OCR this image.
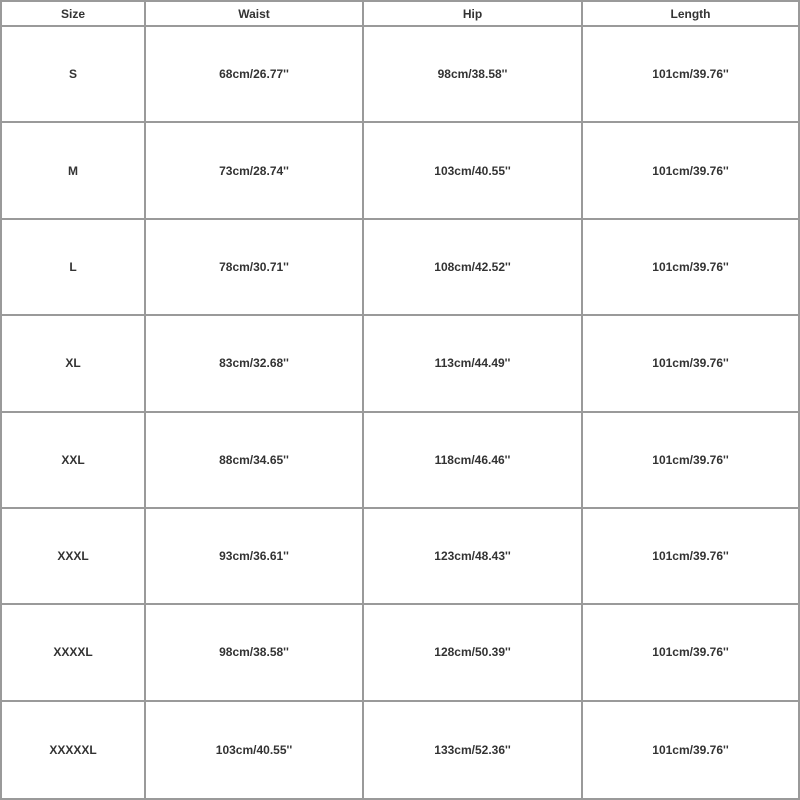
Size	Waist	Hip	Length
S	68cm/26.77''	98cm/38.58''	101cm/39.76''
M	73cm/28.74''	103cm/40.55''	101cm/39.76''
L	78cm/30.71''	108cm/42.52''	101cm/39.76''
XL	83cm/32.68''	113cm/44.49''	101cm/39.76''
XXL	88cm/34.65''	118cm/46.46''	101cm/39.76''
XXXL	93cm/36.61''	123cm/48.43''	101cm/39.76''
XXXXL	98cm/38.58''	128cm/50.39''	101cm/39.76''
XXXXXL	103cm/40.55''	133cm/52.36''	101cm/39.76''
